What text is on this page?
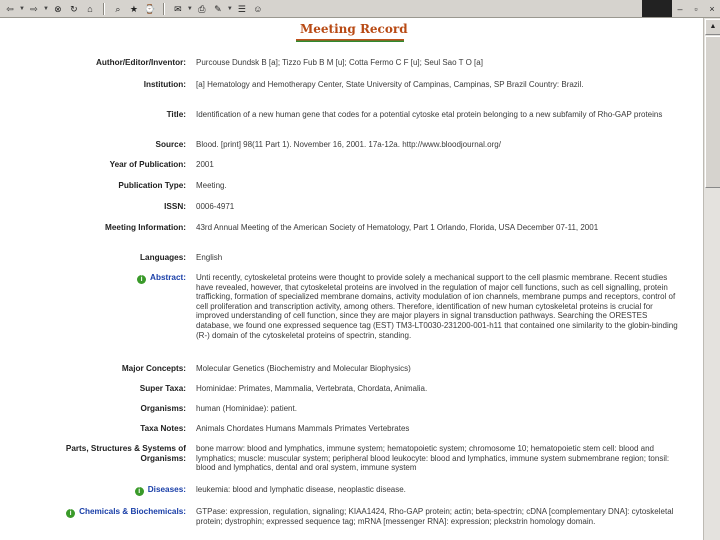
⇦ ▼ ⇨ ▼ ⊗ ↻	⌂	⌕	★ ⌚ ✉ ▼ ⎙ ✎ ▼ ☰ ☺	–	▫	×
Meeting Record
Author/Editor/Inventor: Purcouse Dundsk B [a]; Tizzo Fub B M [u]; Cotta Fermo C F [u]; Seul Sao T O [a]
Institution: [a] Hematology and Hemotherapy Center, State University of Campinas, Campinas, SP Brazil Country: Brazil.
Title: Identification of a new human gene that codes for a potential cytoske etal protein belonging to a new subfamily of Rho-GAP proteins
Source: Blood. [print] 98(11 Part 1). November 16, 2001. 17a-12a. http://www.bloodjournal.org/
Year of Publication: 2001
Publication Type: Meeting.
ISSN: 0006-4971
Meeting Information: 43rd Annual Meeting of the American Society of Hematology, Part 1 Orlando, Florida, USA December 07-11, 2001
Languages: English
i Abstract: Unti recently, cytoskeletal proteins were thought to provide solely a mechanical support to the cell plasmic membrane. Recent studies have revealed, however, that cytoskeletal proteins are involved in the regulation of major cell functions, such as cell signalling, protein trafficking, formation of specialized membrane domains, activity modulation of ion channels, membrane pumps and receptors, control of cell proliferation and transcription activity, among others. Therefore, identification of new human cytoskeletal proteins is crucial for improved understanding of cell function, since they are major players in signal transduction pathways. Searching the ORESTES database, we found one expressed sequence tag (EST) TM3-LT0030-231200-001-h11 that contained one similarity to the globin-binding (R-) domain of the cytoskeletal proteins of spectrin, standing.
Major Concepts: Molecular Genetics (Biochemistry and Molecular Biophysics)
Super Taxa: Hominidae: Primates, Mammalia, Vertebrata, Chordata, Animalia.
Organisms: human (Hominidae): patient.
Taxa Notes: Animals Chordates Humans Mammals Primates Vertebrates
Parts, Structures & Systems of Organisms:
bone marrow: blood and lymphatics, immune system; hematopoietic system; chromosome 10; hematopoietic stem cell: blood and lymphatics; muscle: muscular system; peripheral blood leukocyte: blood and lymphatics, immune system submembrane region; tonsil: blood and lymphatics, dental and oral system, immune system
i Diseases: leukemia: blood and lymphatic disease, neoplastic disease.
i Chemicals & Biochemicals: GTPase: expression, regulation, signaling; KIAA1424, Rho-GAP protein; actin; beta-spectrin; cDNA [complementary DNA]: cytoskeletal protein; dystrophin; expressed sequence tag; mRNA [messenger RNA]: expression; pleckstrin homology domain.
▲
